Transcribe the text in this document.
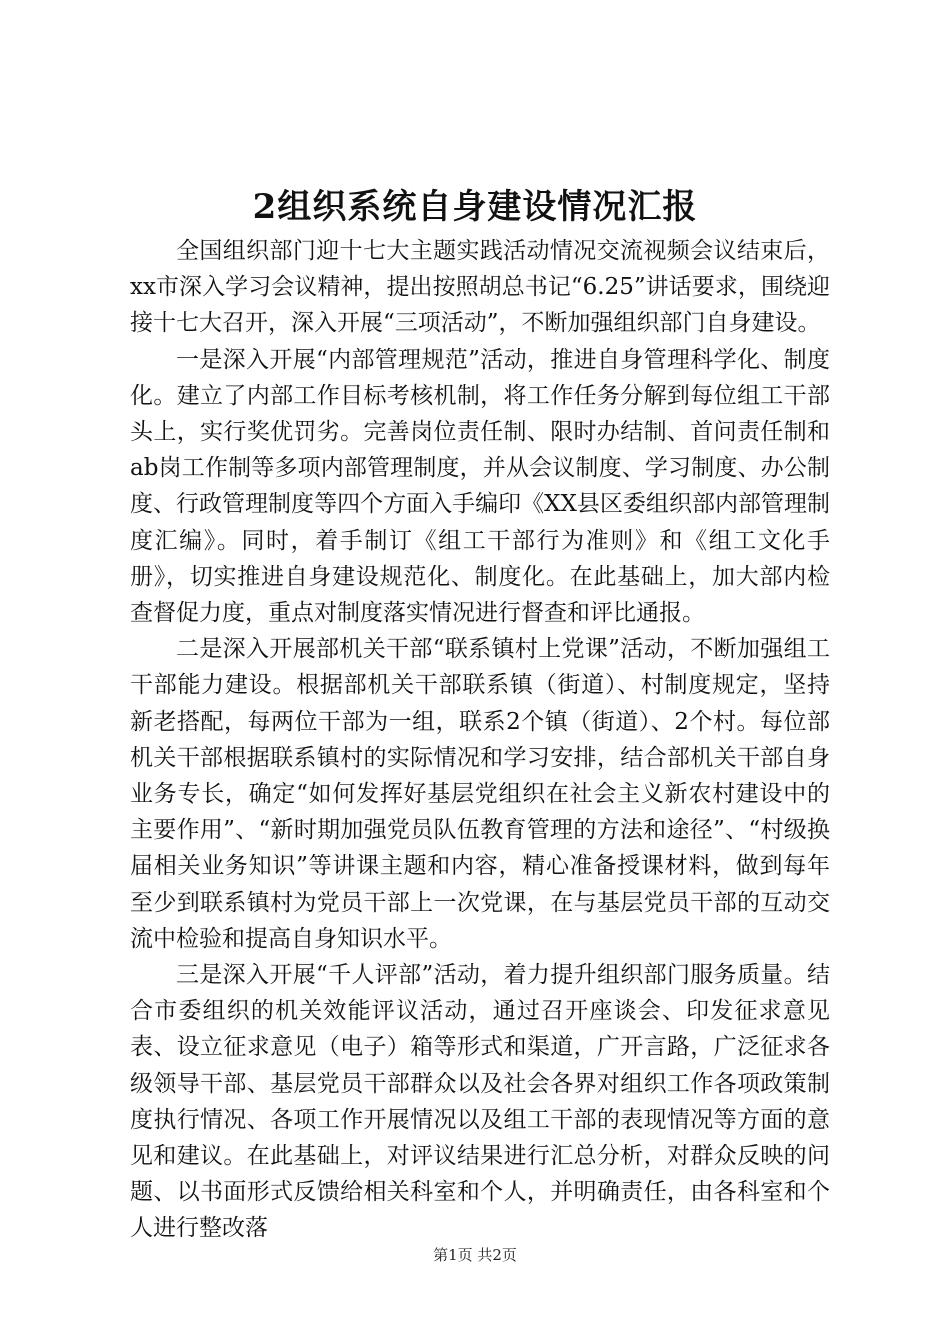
2组织系统自身建设情况汇报

全国组织部门迎十七大主题实践活动情况交流视频会议结束后，xx市深入学习会议精神，提出按照胡总书记“6.25”讲话要求，围绕迎接十七大召开，深入开展“三项活动”，不断加强组织部门自身建设。

一是深入开展“内部管理规范”活动，推进自身管理科学化、制度化。建立了内部工作目标考核机制，将工作任务分解到每位组工干部头上，实行奖优罚劣。完善岗位责任制、限时办结制、首问责任制和ab岗工作制等多项内部管理制度，并从会议制度、学习制度、办公制度、行政管理制度等四个方面入手编印《XX县区委组织部内部管理制度汇编》。同时，着手制订《组工干部行为准则》和《组工文化手册》，切实推进自身建设规范化、制度化。在此基础上，加大部内检查督促力度，重点对制度落实情况进行督查和评比通报。

二是深入开展部机关干部“联系镇村上党课”活动，不断加强组工干部能力建设。根据部机关干部联系镇（街道）、村制度规定，坚持新老搭配，每两位干部为一组，联系2个镇（街道）、2个村。每位部机关干部根据联系镇村的实际情况和学习安排，结合部机关干部自身业务专长，确定“如何发挥好基层党组织在社会主义新农村建设中的主要作用”、“新时期加强党员队伍教育管理的方法和途径”、“村级换届相关业务知识”等讲课主题和内容，精心准备授课材料，做到每年至少到联系镇村为党员干部上一次党课，在与基层党员干部的互动交流中检验和提高自身知识水平。

三是深入开展“千人评部”活动，着力提升组织部门服务质量。结合市委组织的机关效能评议活动，通过召开座谈会、印发征求意见表、设立征求意见（电子）箱等形式和渠道，广开言路，广泛征求各级领导干部、基层党员干部群众以及社会各界对组织工作各项政策制度执行情况、各项工作开展情况以及组工干部的表现情况等方面的意见和建议。在此基础上，对评议结果进行汇总分析，对群众反映的问题、以书面形式反馈给相关科室和个人，并明确责任，由各科室和个人进行整改落

第1页 共2页
